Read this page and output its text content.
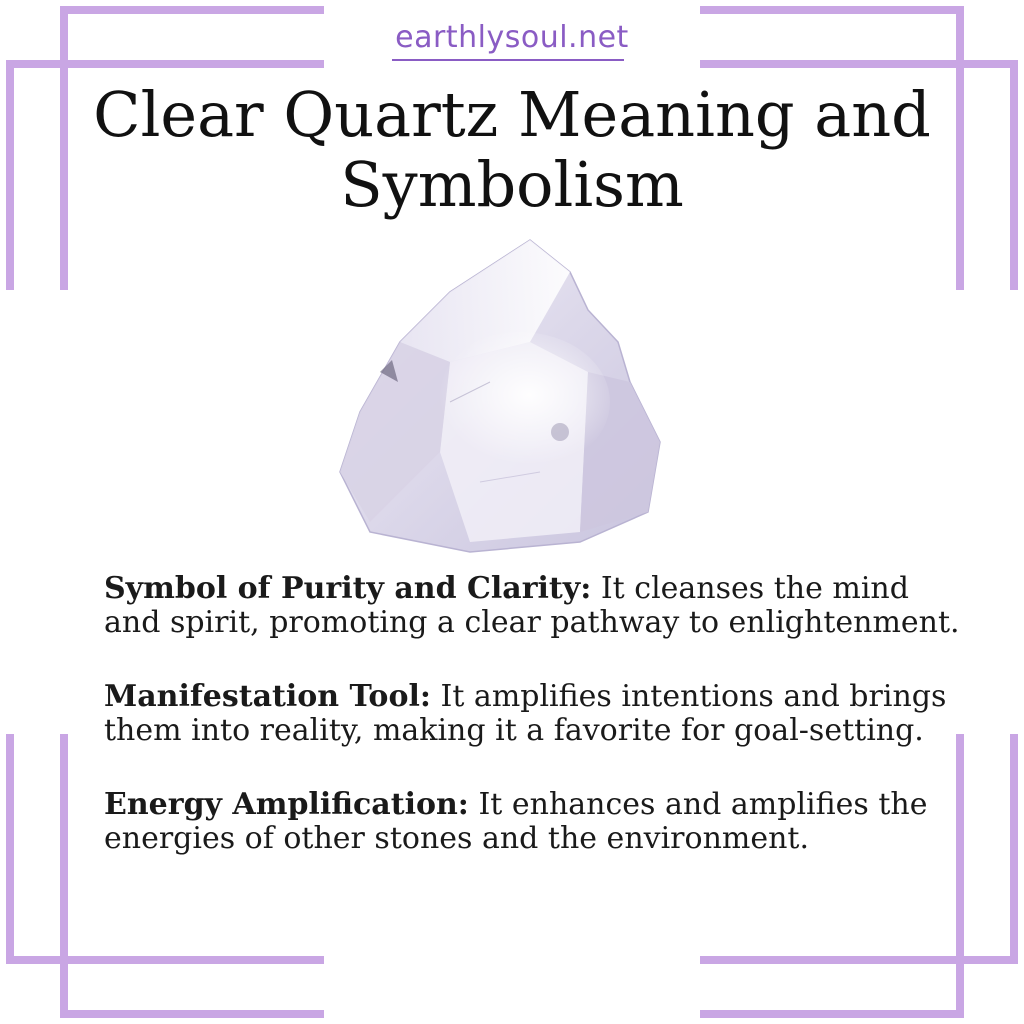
earthlysoul.net
Clear Quartz Meaning and Symbolism

Symbol of Purity and Clarity: It cleanses the mind and spirit, promoting a clear pathway to enlightenment.

Manifestation Tool: It amplifies intentions and brings them into reality, making it a favorite for goal-setting.

Energy Amplification: It enhances and amplifies the energies of other stones and the environment.
